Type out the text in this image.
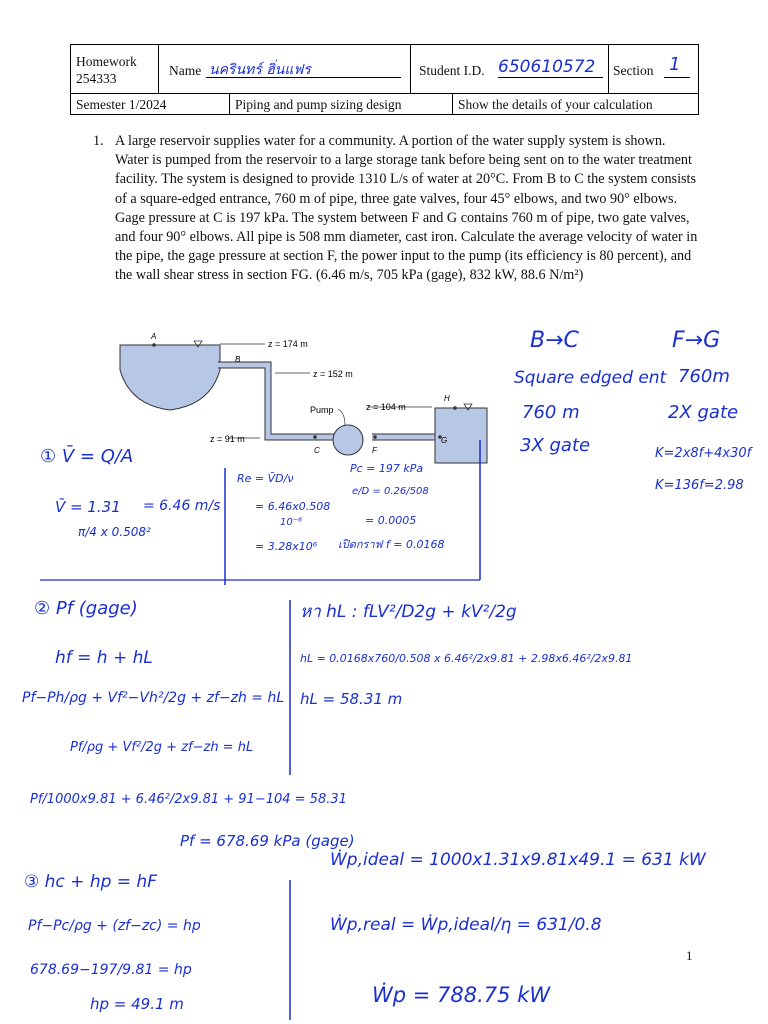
Homework
254333
Name นครินทร์ ฮิ่นแฟร	Student I.D. 650610572 Section 1
Semester 1/2024	Piping and pump sizing design	Show the details of your calculation
1. A large reservoir supplies water for a community. A portion of the water supply system is shown. Water is pumped from the reservoir to a large storage tank before being sent on to the water treatment facility. The system is designed to provide 1310 L/s of water at 20°C. From B to C the system consists of a square-edged entrance, 760 m of pipe, three gate valves, four 45° elbows, and two 90° elbows. Gage pressure at C is 197 kPa. The system between F and G contains 760 m of pipe, two gate valves, and four 90° elbows. All pipe is 508 mm diameter, cast iron. Calculate the average velocity of water in the pipe, the gage pressure at section F, the power input to the pump (its efficiency is 80 percent), and the wall shear stress in section FG. (6.46 m/s, 705 kPa (gage), 832 kW, 88.6 N/m²)
A
B
C	F
G
H
z = 174 m
z = 152 m
z = 104 m
z = 91 m
Pump
B→C
Square edged ent
760 m
3X gate
F→G
760m
2X gate
K=2x8f+4x30f
K=136f=2.98
① V̄ = Q/A
V̄ = 1.31
π/4 x 0.508²
= 6.46 m/s
Re = V̄D/ν
= 6.46x0.508
10⁻⁶
= 3.28x10⁶
Pc = 197 kPa
e/D = 0.26/508
= 0.0005
เปิดกราฟ f = 0.0168
② Pf (gage)
hf = h + hL
Pf−Ph/ρg + Vf²−Vh²/2g + zf−zh = hL
Pf/ρg + Vf²/2g + zf−zh = hL
Pf/1000x9.81 + 6.46²/2x9.81 + 91−104 = 58.31
Pf = 678.69 kPa (gage)
หา hL : fLV²/D2g + kV²/2g
hL = 0.0168x760/0.508 x 6.46²/2x9.81 + 2.98x6.46²/2x9.81
hL = 58.31 m
③ hc + hp = hF
Pf−Pc/ρg + (zf−zc) = hp
678.69−197/9.81 = hp
hp = 49.1 m
Ẇp,ideal = 1000x1.31x9.81x49.1 = 631 kW
Ẇp,real = Ẇp,ideal/η = 631/0.8
Ẇp = 788.75 kW
1
